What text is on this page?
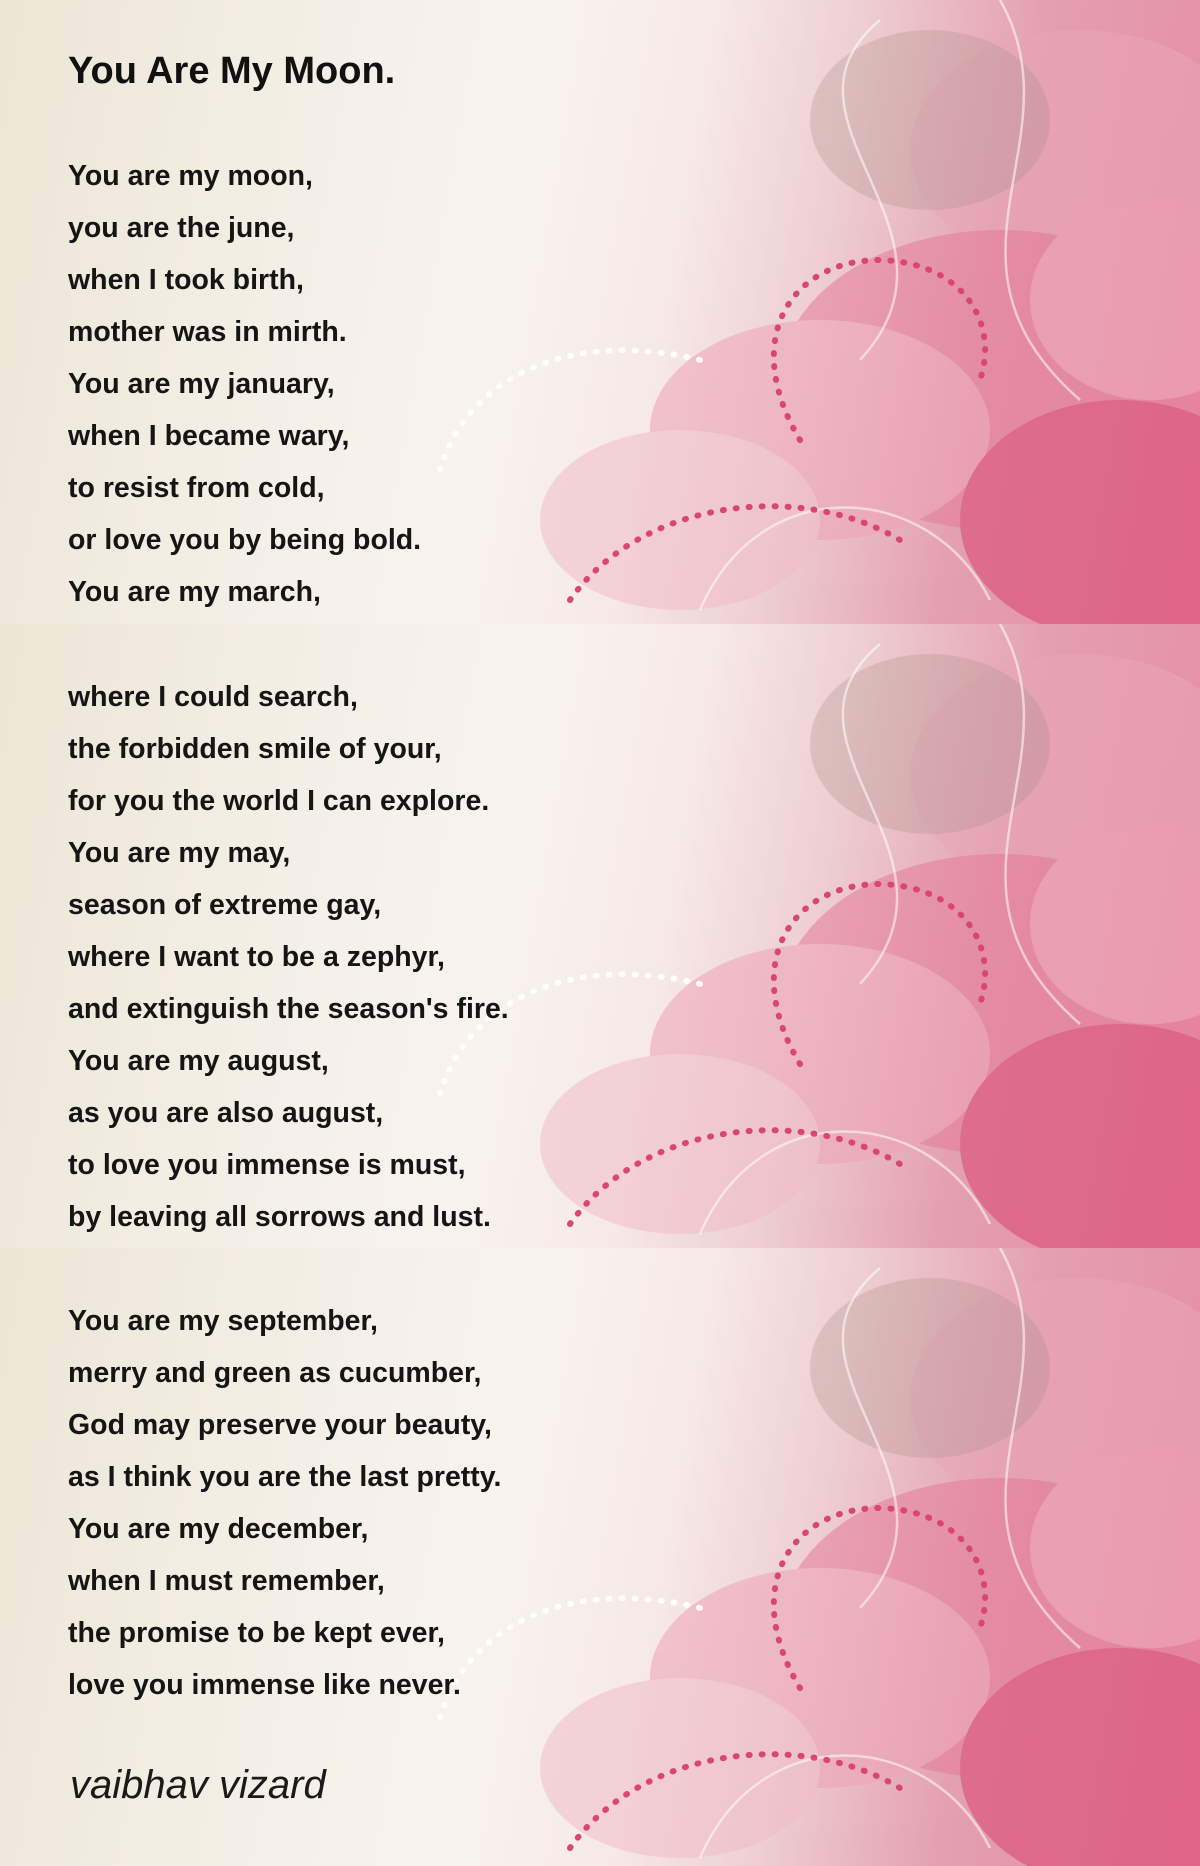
You Are My Moon.
You are my moon,
you are the june,
when I took birth,
mother was in mirth.
You are my january,
when I became wary,
to resist from cold,
or love you by being bold.
You are my march,
where I could search,
the forbidden smile of your,
for you the world I can explore.
You are my may,
season of extreme gay,
where I want to be a zephyr,
and extinguish the season's fire.
You are my august,
as you are also august,
to love you immense is must,
by leaving all sorrows and lust.
You are my september,
merry and green as cucumber,
God may preserve your beauty,
as I think you are the last pretty.
You are my december,
when I must remember,
the promise to be kept ever,
love you immense like never.
vaibhav vizard
